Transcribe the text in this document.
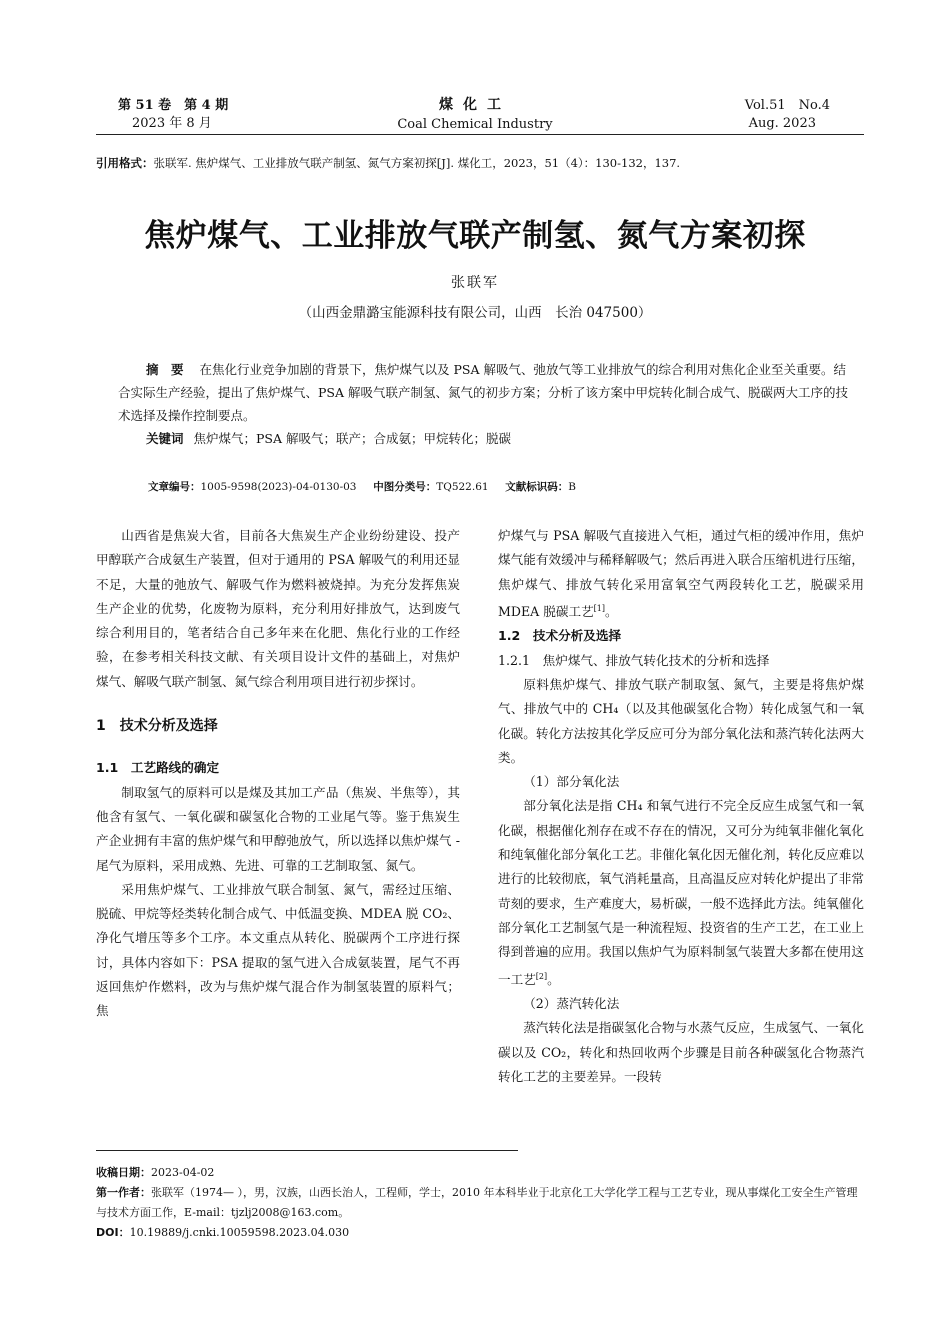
第 51 卷　第 4 期
2023 年 8 月
煤化工
Coal Chemical Industry
Vol.51　No.4
Aug. 2023
引用格式：张联军. 焦炉煤气、工业排放气联产制氢、氮气方案初探[J]. 煤化工，2023，51（4）：130-132，137.
焦炉煤气、工业排放气联产制氢、氮气方案初探
张联军
（山西金鼎潞宝能源科技有限公司，山西　长治 047500）
摘　要 在焦化行业竞争加剧的背景下，焦炉煤气以及 PSA 解吸气、弛放气等工业排放气的综合利用对焦化企业至关重要。结合实际生产经验，提出了焦炉煤气、PSA 解吸气联产制氢、氮气的初步方案；分析了该方案中甲烷转化制合成气、脱碳两大工序的技术选择及操作控制要点。
关键词 焦炉煤气；PSA 解吸气；联产；合成氨；甲烷转化；脱碳
文章编号：1005-9598(2023)-04-0130-03 中图分类号：TQ522.61 文献标识码：B

山西省是焦炭大省，目前各大焦炭生产企业纷纷建设、投产甲醇联产合成氨生产装置，但对于通用的 PSA 解吸气的利用还显不足，大量的弛放气、解吸气作为燃料被烧掉。为充分发挥焦炭生产企业的优势，化废物为原料，充分利用好排放气，达到废气综合利用目的，笔者结合自己多年来在化肥、焦化行业的工作经验，在参考相关科技文献、有关项目设计文件的基础上，对焦炉煤气、解吸气联产制氢、氮气综合利用项目进行初步探讨。

1　技术分析及选择

1.1　工艺路线的确定

制取氢气的原料可以是煤及其加工产品（焦炭、半焦等），其他含有氢气、一氧化碳和碳氢化合物的工业尾气等。鉴于焦炭生产企业拥有丰富的焦炉煤气和甲醇弛放气，所以选择以焦炉煤气 - 尾气为原料，采用成熟、先进、可靠的工艺制取氢、氮气。

采用焦炉煤气、工业排放气联合制氢、氮气，需经过压缩、脱硫、甲烷等烃类转化制合成气、中低温变换、MDEA 脱 CO₂、净化气增压等多个工序。本文重点从转化、脱碳两个工序进行探讨，具体内容如下：PSA 提取的氢气进入合成氨装置，尾气不再返回焦炉作燃料，改为与焦炉煤气混合作为制氢装置的原料气；焦

炉煤气与 PSA 解吸气直接进入气柜，通过气柜的缓冲作用，焦炉煤气能有效缓冲与稀释解吸气；然后再进入联合压缩机进行压缩，焦炉煤气、排放气转化采用富氧空气两段转化工艺，脱碳采用 MDEA 脱碳工艺[1]。

1.2　技术分析及选择

1.2.1　焦炉煤气、排放气转化技术的分析和选择

原料焦炉煤气、排放气联产制取氢、氮气，主要是将焦炉煤气、排放气中的 CH₄（以及其他碳氢化合物）转化成氢气和一氧化碳。转化方法按其化学反应可分为部分氧化法和蒸汽转化法两大类。

（1）部分氧化法

部分氧化法是指 CH₄ 和氧气进行不完全反应生成氢气和一氧化碳，根据催化剂存在或不存在的情况，又可分为纯氧非催化氧化和纯氧催化部分氧化工艺。非催化氧化因无催化剂，转化反应难以进行的比较彻底，氧气消耗量高，且高温反应对转化炉提出了非常苛刻的要求，生产难度大，易析碳，一般不选择此方法。纯氧催化部分氧化工艺制氢气是一种流程短、投资省的生产工艺，在工业上得到普遍的应用。我国以焦炉气为原料制氢气装置大多都在使用这一工艺[2]。

（2）蒸汽转化法

蒸汽转化法是指碳氢化合物与水蒸气反应，生成氢气、一氧化碳以及 CO₂，转化和热回收两个步骤是目前各种碳氢化合物蒸汽转化工艺的主要差异。一段转

收稿日期：2023-04-02
第一作者：张联军（1974— ），男，汉族，山西长治人，工程师，学士，2010 年本科毕业于北京化工大学化学工程与工艺专业，现从事煤化工安全生产管理与技术方面工作，E-mail：tjzlj2008@163.com。
DOI：10.19889/j.cnki.10059598.2023.04.030
